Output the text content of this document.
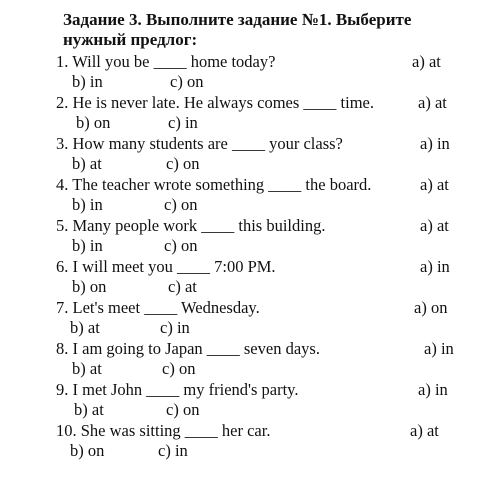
Задание 3. Выполните задание №1. Выберите
нужный предлог:
1. Will you be ____ home today?	a) at
b) in	c) on
2. He is never late. He always comes ____ time.	a) at
b) on	c) in
3. How many students are ____ your class?	a) in
b) at	c) on
4. The teacher wrote something ____ the board.	a) at
b) in	c) on
5. Many people work ____ this building.	a) at
b) in	c) on
6. I will meet you ____ 7:00 PM.	a) in
b) on	c) at
7. Let's meet ____ Wednesday.	a) on
b) at	c) in
8. I am going to Japan ____ seven days.	a) in
b) at	c) on
9. I met John ____ my friend's party.	a) in
b) at	c) on
10. She was sitting ____ her car.	a) at
b) on	c) in
